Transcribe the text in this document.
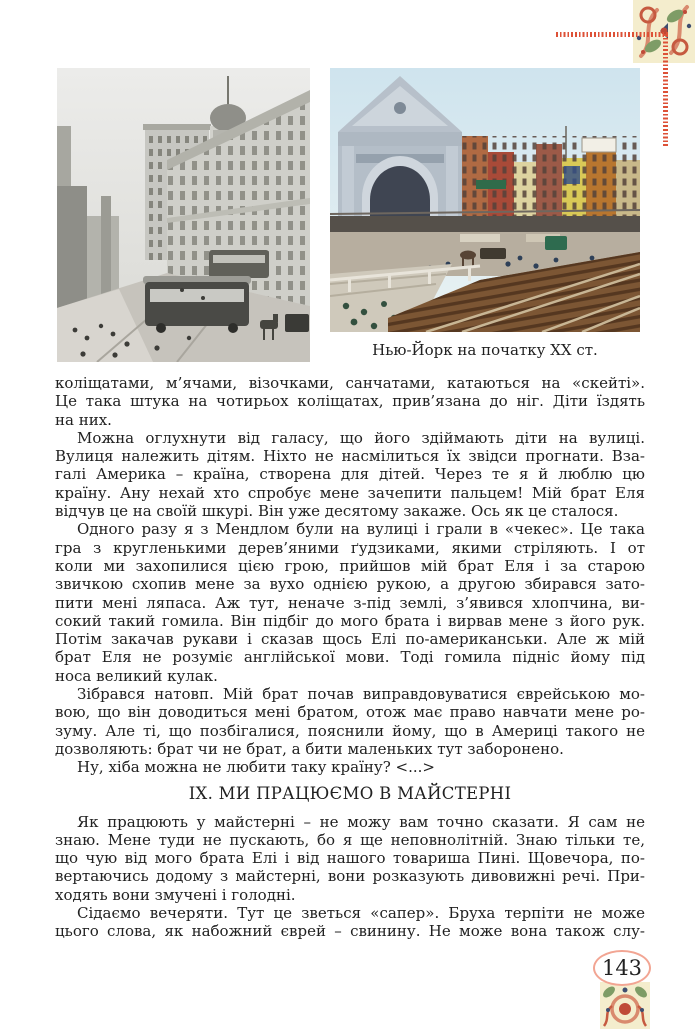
Нью-Йорк на початку XX ст.
коліщатами, м’ячами, візочками, санчатами, катаються на «скейті».
Це така штука на чотирьох коліщатах, прив’язана до ніг. Діти їздять
на них.
Можна оглухнути від галасу, що його здіймають діти на вулиці.
Вулиця належить дітям. Ніхто не насмілиться їх звідси прогнати. Вза-
галі Америка – країна, створена для дітей. Через те я й люблю цю
країну. Ану нехай хто спробує мене зачепити пальцем! Мій брат Еля
відчув це на своїй шкурі. Він уже десятому закаже. Ось як це сталося.
Одного разу я з Мендлом були на вулиці і грали в «чекес». Це така
гра з кругленькими дерев’яними ґудзиками, якими стріляють. І от
коли ми захопилися цією грою, прийшов мій брат Еля і за старою
звичкою схопив мене за вухо однією рукою, а другою збирався зато-
пити мені ляпаса. Аж тут, неначе з-під землі, з’явився хлопчина, ви-
сокий такий гомила. Він підбіг до мого брата і вирвав мене з його рук.
Потім закачав рукави і сказав щось Елі по-американськи. Але ж мій
брат Еля не розуміє англійської мови. Тоді гомила підніс йому під
носа великий кулак.
Зібрався натовп. Мій брат почав виправдовуватися єврейською мо-
вою, що він доводиться мені братом, отож має право навчати мене ро-
зуму. Але ті, що позбігалися, пояснили йому, що в Америці такого не
дозволяють: брат чи не брат, а бити маленьких тут заборонено.
Ну, хіба можна не любити таку країну? <...>
IX. МИ ПРАЦЮЄМО В МАЙСТЕРНІ
Як працюють у майстерні – не можу вам точно сказати. Я сам не
знаю. Мене туди не пускають, бо я ще неповнолітній. Знаю тільки те,
що чую від мого брата Елі і від нашого товариша Пині. Щовечора, по-
вертаючись додому з майстерні, вони розказують дивовижні речі. При-
ходять вони змучені і голодні.
Сідаємо вечеряти. Тут це зветься «сапер». Бруха терпіти не може
цього слова, як набожний єврей – свинину. Не може вона також слу-
143
